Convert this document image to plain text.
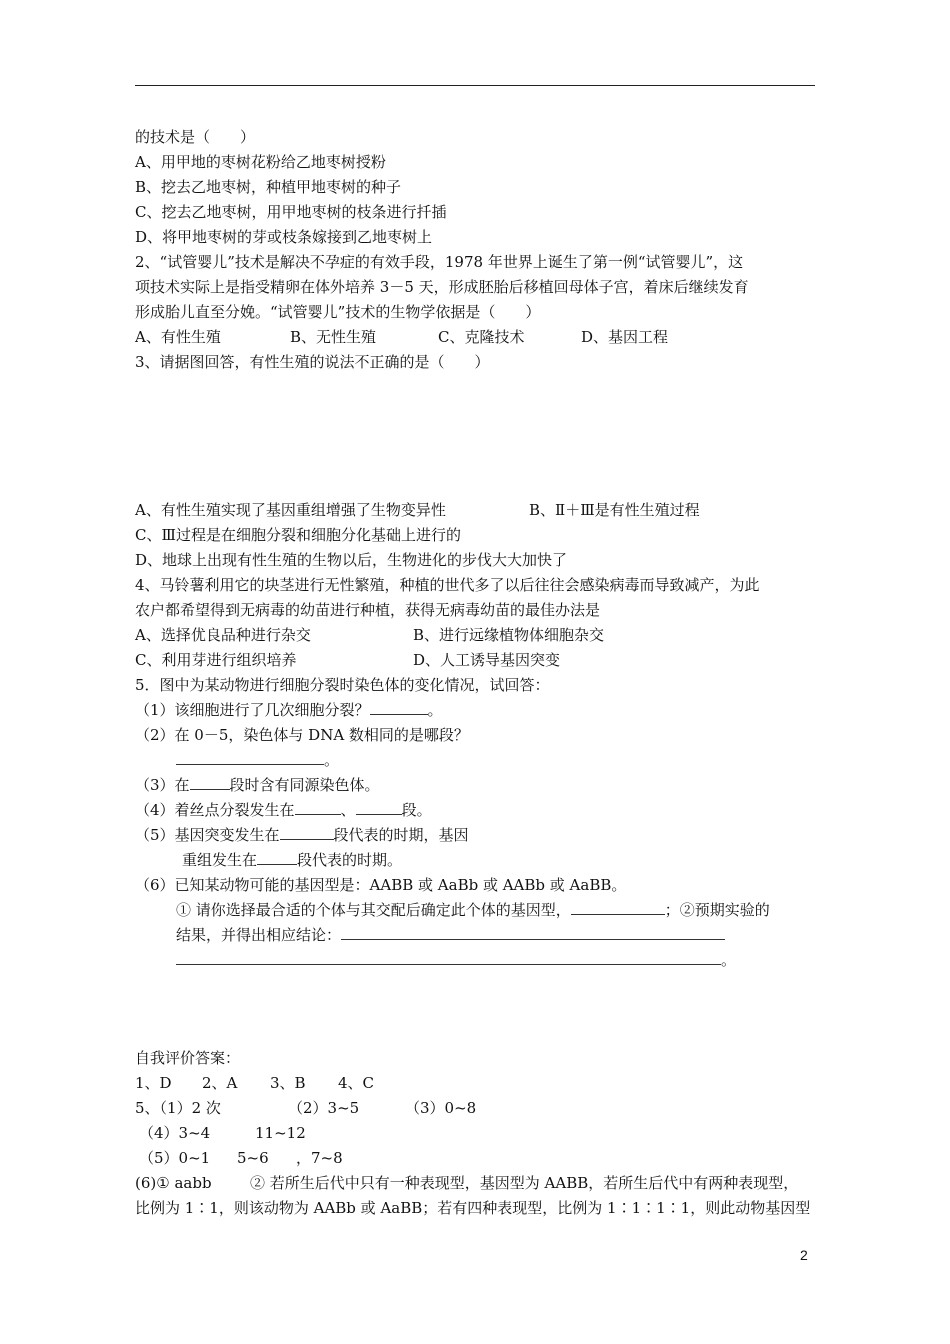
的技术是（　　）
A、用甲地的枣树花粉给乙地枣树授粉
B、挖去乙地枣树，种植甲地枣树的种子
C、挖去乙地枣树，用甲地枣树的枝条进行扦插
D、将甲地枣树的芽或枝条嫁接到乙地枣树上
2、“试管婴儿”技术是解决不孕症的有效手段，1978 年世界上诞生了第一例“试管婴儿”，这
项技术实际上是指受精卵在体外培养 3－5 天，形成胚胎后移植回母体子宫，着床后继续发育
形成胎儿直至分娩。“试管婴儿”技术的生物学依据是（　　）
A、有性生殖	B、无性生殖	C、克隆技术	D、基因工程
3、请据图回答，有性生殖的说法不正确的是（　　）
A、有性生殖实现了基因重组增强了生物变异性	B、Ⅱ＋Ⅲ是有性生殖过程
C、Ⅲ过程是在细胞分裂和细胞分化基础上进行的
D、地球上出现有性生殖的生物以后，生物进化的步伐大大加快了
4、马铃薯利用它的块茎进行无性繁殖，种植的世代多了以后往往会感染病毒而导致减产，为此
农户都希望得到无病毒的幼苗进行种植，获得无病毒幼苗的最佳办法是
A、选择优良品种进行杂交	B、进行远缘植物体细胞杂交
C、利用芽进行组织培养	D、人工诱导基因突变
5．图中为某动物进行细胞分裂时染色体的变化情况，试回答：
（1）该细胞进行了几次细胞分裂？	。
（2）在 0－5，染色体与 DNA 数相同的是哪段？
。
（3）在	段时含有同源染色体。
（4）着丝点分裂发生在	、	段。
（5）基因突变发生在	段代表的时期，基因
重组发生在	段代表的时期。
（6）已知某动物可能的基因型是：AABB 或 AaBb 或 AABb 或 AaBB。
① 请你选择最合适的个体与其交配后确定此个体的基因型，	；②预期实验的
结果，并得出相应结论：
。
自我评价答案：
1、D 2、A 3、B 4、C
5、（1）2 次	（2）3~5	（3）0~8
（4）3~4	11~12
（5）0~1 5~6 ，7~8
(6)① aabb	② 若所生后代中只有一种表现型，基因型为 AABB，若所生后代中有两种表现型，
比例为 1∶1，则该动物为 AABb 或 AaBB；若有四种表现型，比例为 1∶1∶1∶1，则此动物基因型
2
